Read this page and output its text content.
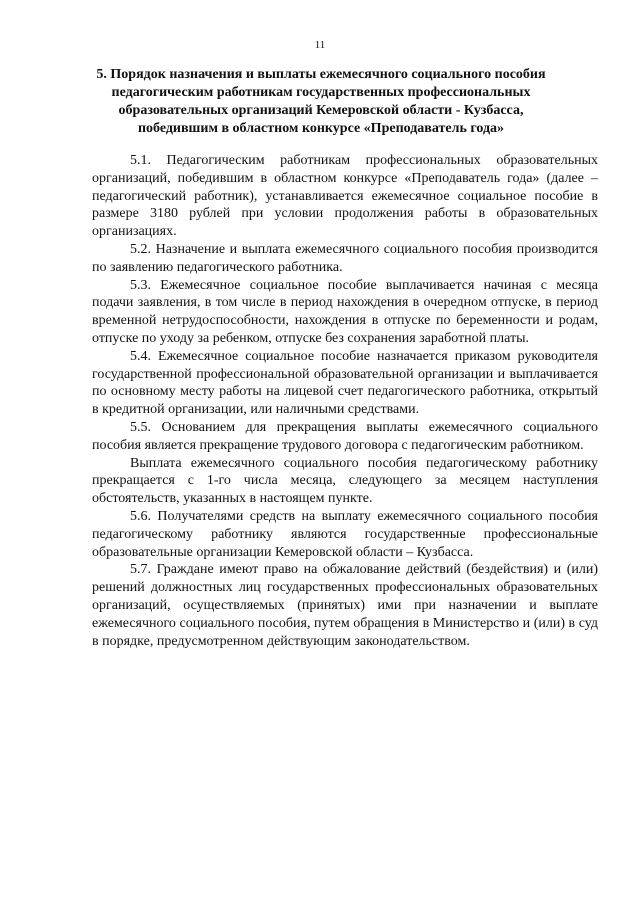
11
5. Порядок назначения и выплаты ежемесячного социального пособия
педагогическим работникам государственных профессиональных
образовательных организаций Кемеровской области - Кузбасса,
победившим в областном конкурсе «Преподаватель года»

5.1. Педагогическим работникам профессиональных образовательных организаций, победившим в областном конкурсе «Преподаватель года» (далее – педагогический работник), устанавливается ежемесячное социальное пособие в размере 3180 рублей при условии продолжения работы в образовательных организациях.

5.2. Назначение и выплата ежемесячного социального пособия производится по заявлению педагогического работника.

5.3. Ежемесячное социальное пособие выплачивается начиная с месяца подачи заявления, в том числе в период нахождения в очередном отпуске, в период временной нетрудоспособности, нахождения в отпуске по беременности и родам, отпуске по уходу за ребенком, отпуске без сохранения заработной платы.

5.4. Ежемесячное социальное пособие назначается приказом руководителя государственной профессиональной образовательной организации и выплачивается по основному месту работы на лицевой счет педагогического работника, открытый в кредитной организации, или наличными средствами.

5.5. Основанием для прекращения выплаты ежемесячного социального пособия является прекращение трудового договора с педагогическим работником.

Выплата ежемесячного социального пособия педагогическому работнику прекращается с 1-го числа месяца, следующего за месяцем наступления обстоятельств, указанных в настоящем пункте.

5.6. Получателями средств на выплату ежемесячного социального пособия педагогическому работнику являются государственные профессиональные образовательные организации Кемеровской области – Кузбасса.

5.7. Граждане имеют право на обжалование действий (бездействия) и (или) решений должностных лиц государственных профессиональных образовательных организаций, осуществляемых (принятых) ими при назначении и выплате ежемесячного социального пособия, путем обращения в Министерство и (или) в суд в порядке, предусмотренном действующим законодательством.
